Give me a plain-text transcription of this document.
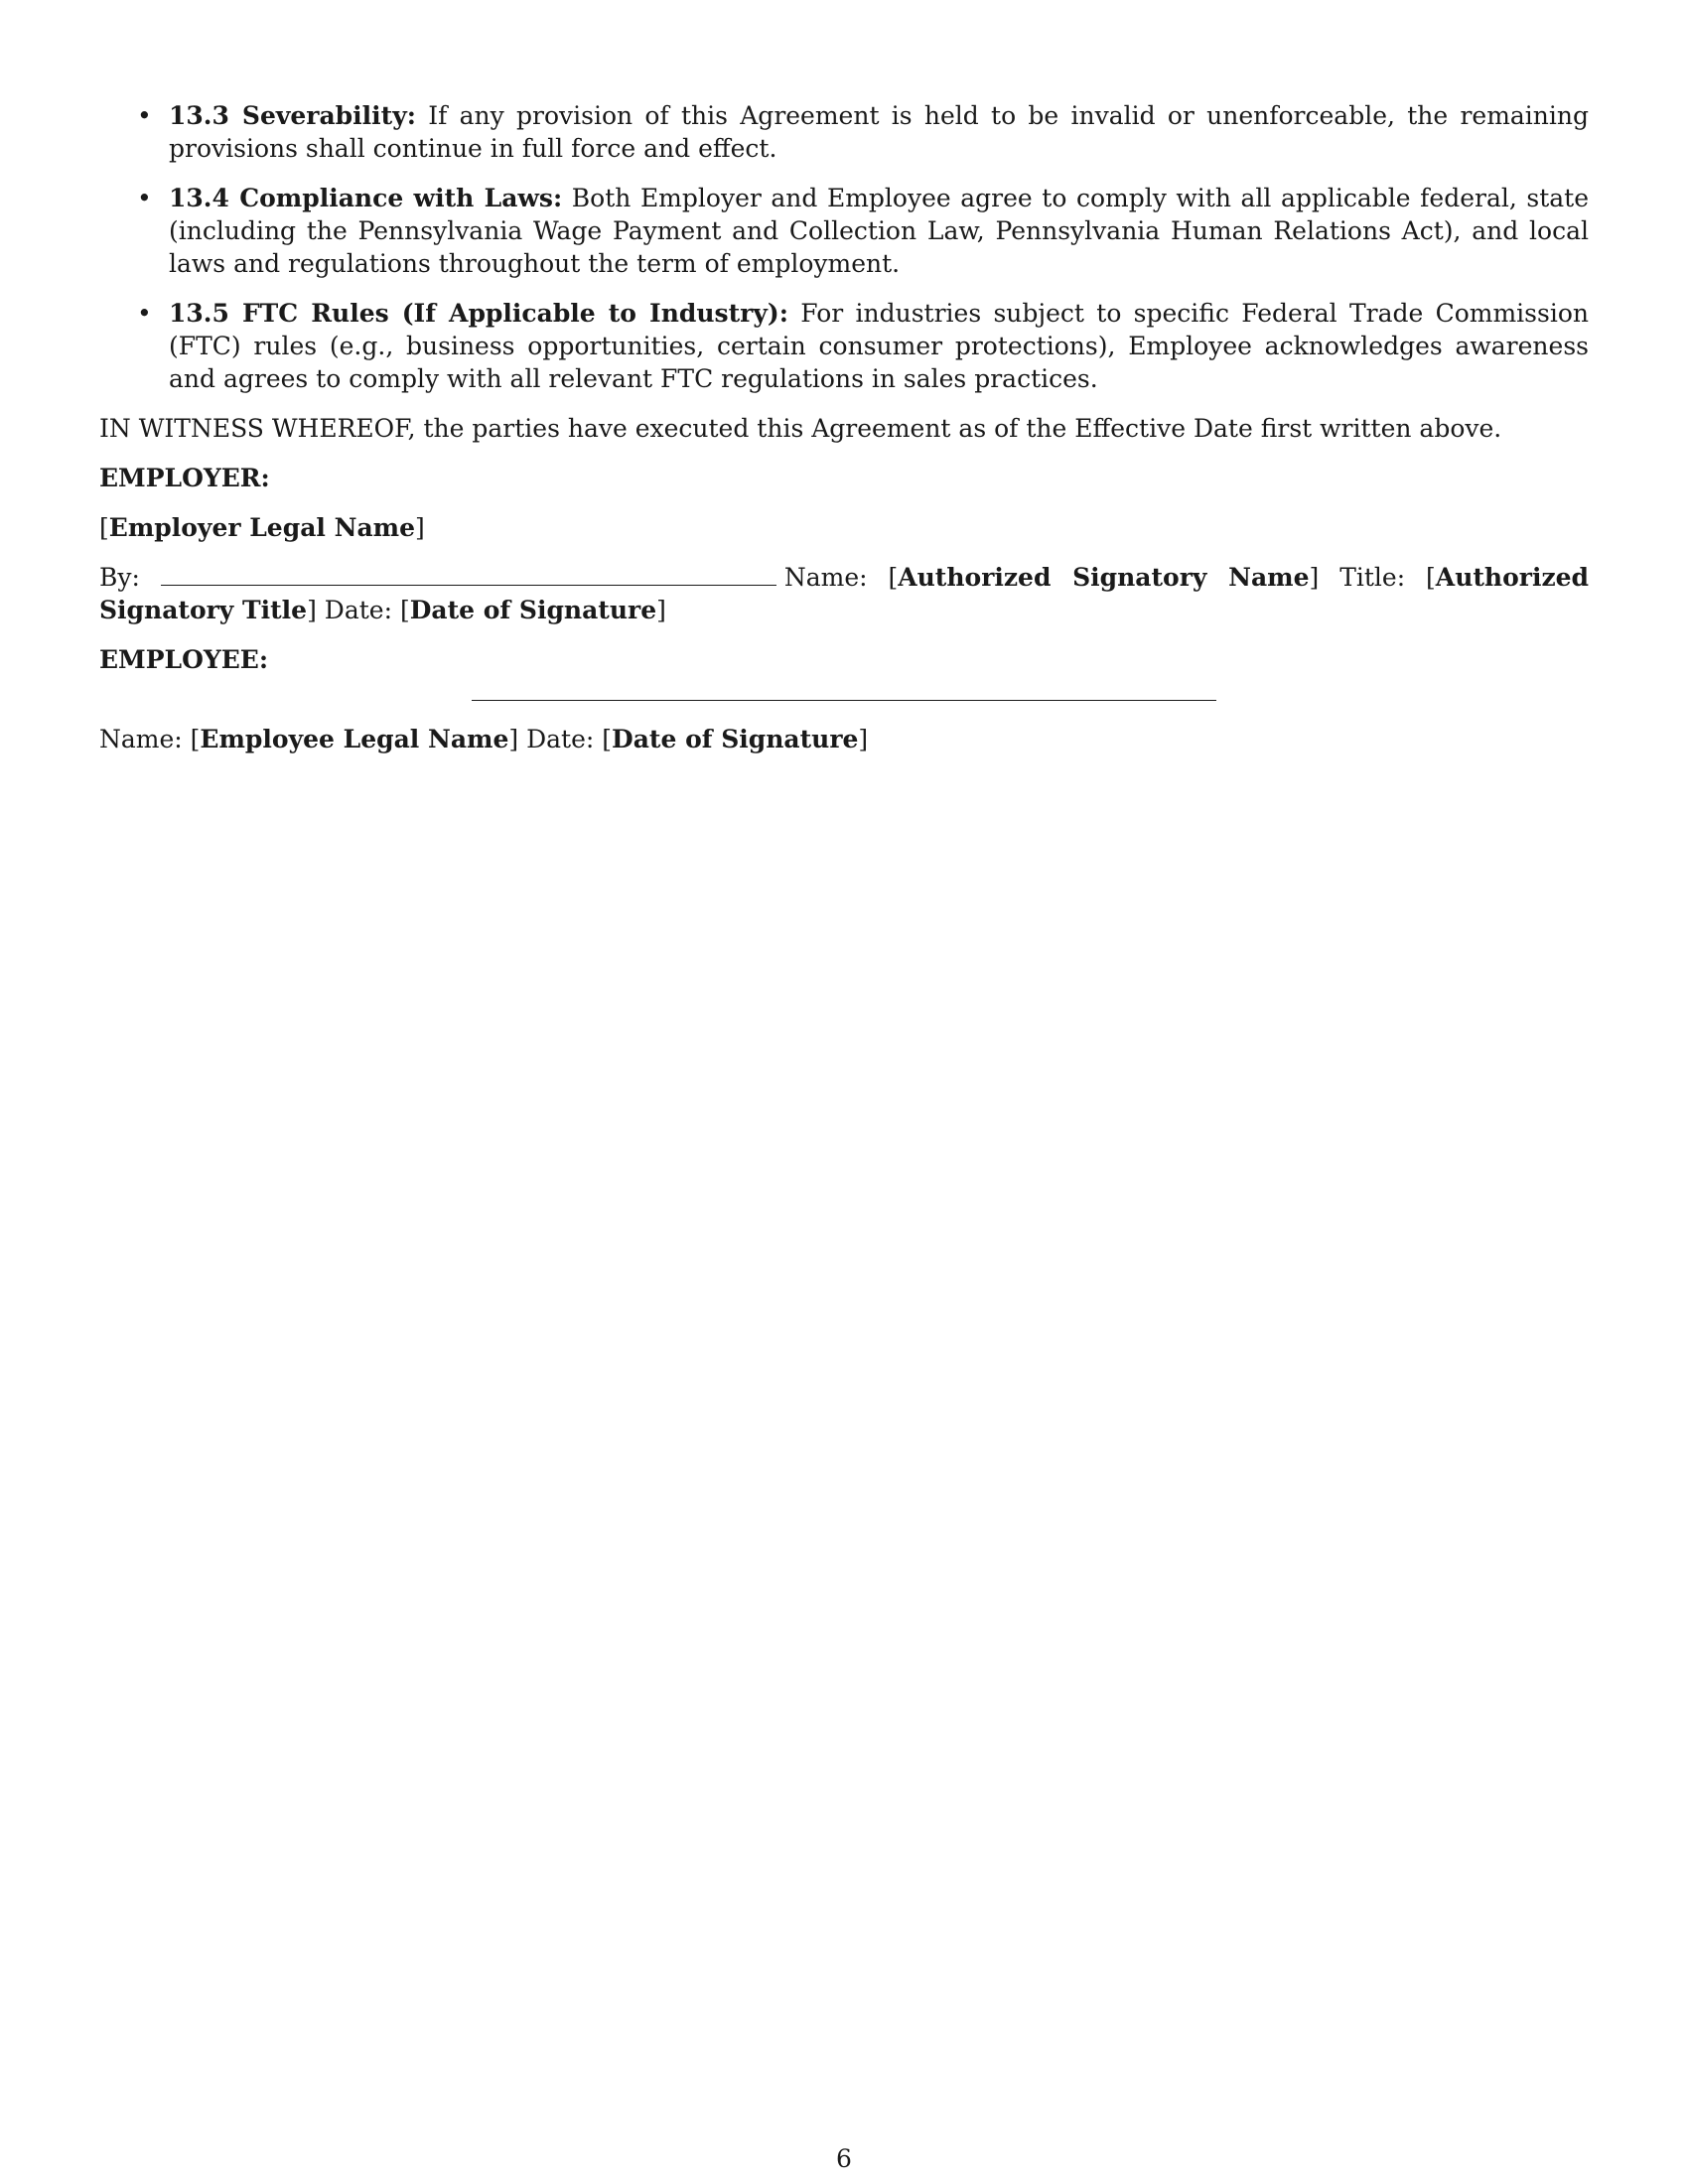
• 13.3 Severability: If any provision of this Agreement is held to be invalid or unenforceable, the remaining provisions shall continue in full force and effect.
• 13.4 Compliance with Laws: Both Employer and Employee agree to comply with all applicable federal, state (including the Pennsylvania Wage Payment and Collection Law, Pennsylvania Human Relations Act), and local laws and regulations throughout the term of employment.
• 13.5 FTC Rules (If Applicable to Industry): For industries subject to specific Federal Trade Commission (FTC) rules (e.g., business opportunities, certain consumer protections), Employee acknowledges awareness and agrees to comply with all relevant FTC regulations in sales practices.

IN WITNESS WHEREOF, the parties have executed this Agreement as of the Effective Date first written above.

EMPLOYER:

[Employer Legal Name]

By:	Name: [Authorized Signatory Name] Title: [Authorized Signatory Title] Date: [Date of Signature]

EMPLOYEE:

Name: [Employee Legal Name] Date: [Date of Signature]

6
